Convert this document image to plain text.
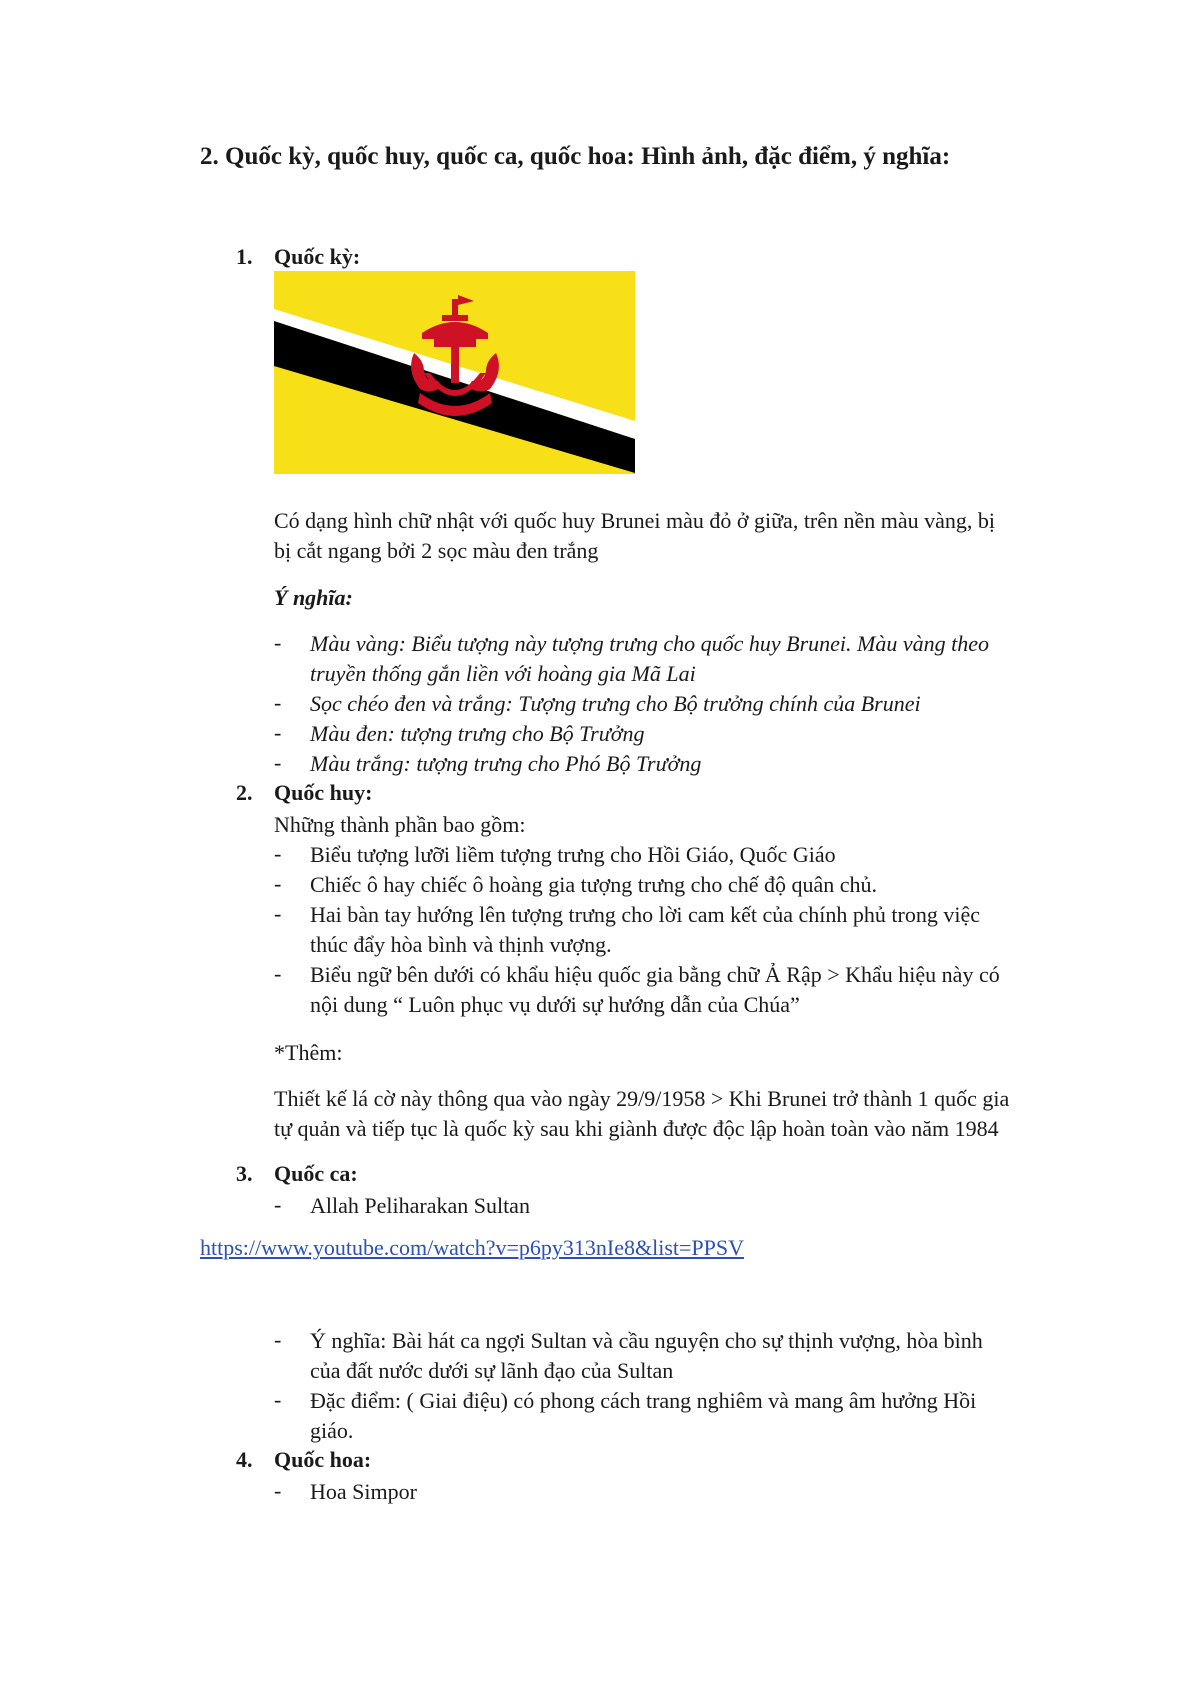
2. Quốc kỳ, quốc huy, quốc ca, quốc hoa: Hình ảnh, đặc điểm, ý nghĩa:
1. Quốc kỳ:
Có dạng hình chữ nhật với quốc huy Brunei màu đỏ ở giữa, trên nền màu vàng, bị
bị cắt ngang bởi 2 sọc màu đen trắng
Ý nghĩa:
- Màu vàng: Biểu tượng này tượng trưng cho quốc huy Brunei. Màu vàng theo
truyền thống gắn liền với hoàng gia Mã Lai
- Sọc chéo đen và trắng: Tượng trưng cho Bộ trưởng chính của Brunei
- Màu đen: tượng trưng cho Bộ Trưởng
- Màu trắng: tượng trưng cho Phó Bộ Trưởng
2. Quốc huy:
Những thành phần bao gồm:
- Biểu tượng lưỡi liềm tượng trưng cho Hồi Giáo, Quốc Giáo
- Chiếc ô hay chiếc ô hoàng gia tượng trưng cho chế độ quân chủ.
- Hai bàn tay hướng lên tượng trưng cho lời cam kết của chính phủ trong việc
thúc đẩy hòa bình và thịnh vượng.
- Biểu ngữ bên dưới có khẩu hiệu quốc gia bằng chữ Ả Rập > Khẩu hiệu này có
nội dung “ Luôn phục vụ dưới sự hướng dẫn của Chúa”
*Thêm:
Thiết kế lá cờ này thông qua vào ngày 29/9/1958 > Khi Brunei trở thành 1 quốc gia
tự quản và tiếp tục là quốc kỳ sau khi giành được độc lập hoàn toàn vào năm 1984
3. Quốc ca:
- Allah Peliharakan Sultan
https://www.youtube.com/watch?v=p6py313nIe8&list=PPSV
- Ý nghĩa: Bài hát ca ngợi Sultan và cầu nguyện cho sự thịnh vượng, hòa bình
của đất nước dưới sự lãnh đạo của Sultan
- Đặc điểm: ( Giai điệu) có phong cách trang nghiêm và mang âm hưởng Hồi
giáo.
4. Quốc hoa:
- Hoa Simpor
